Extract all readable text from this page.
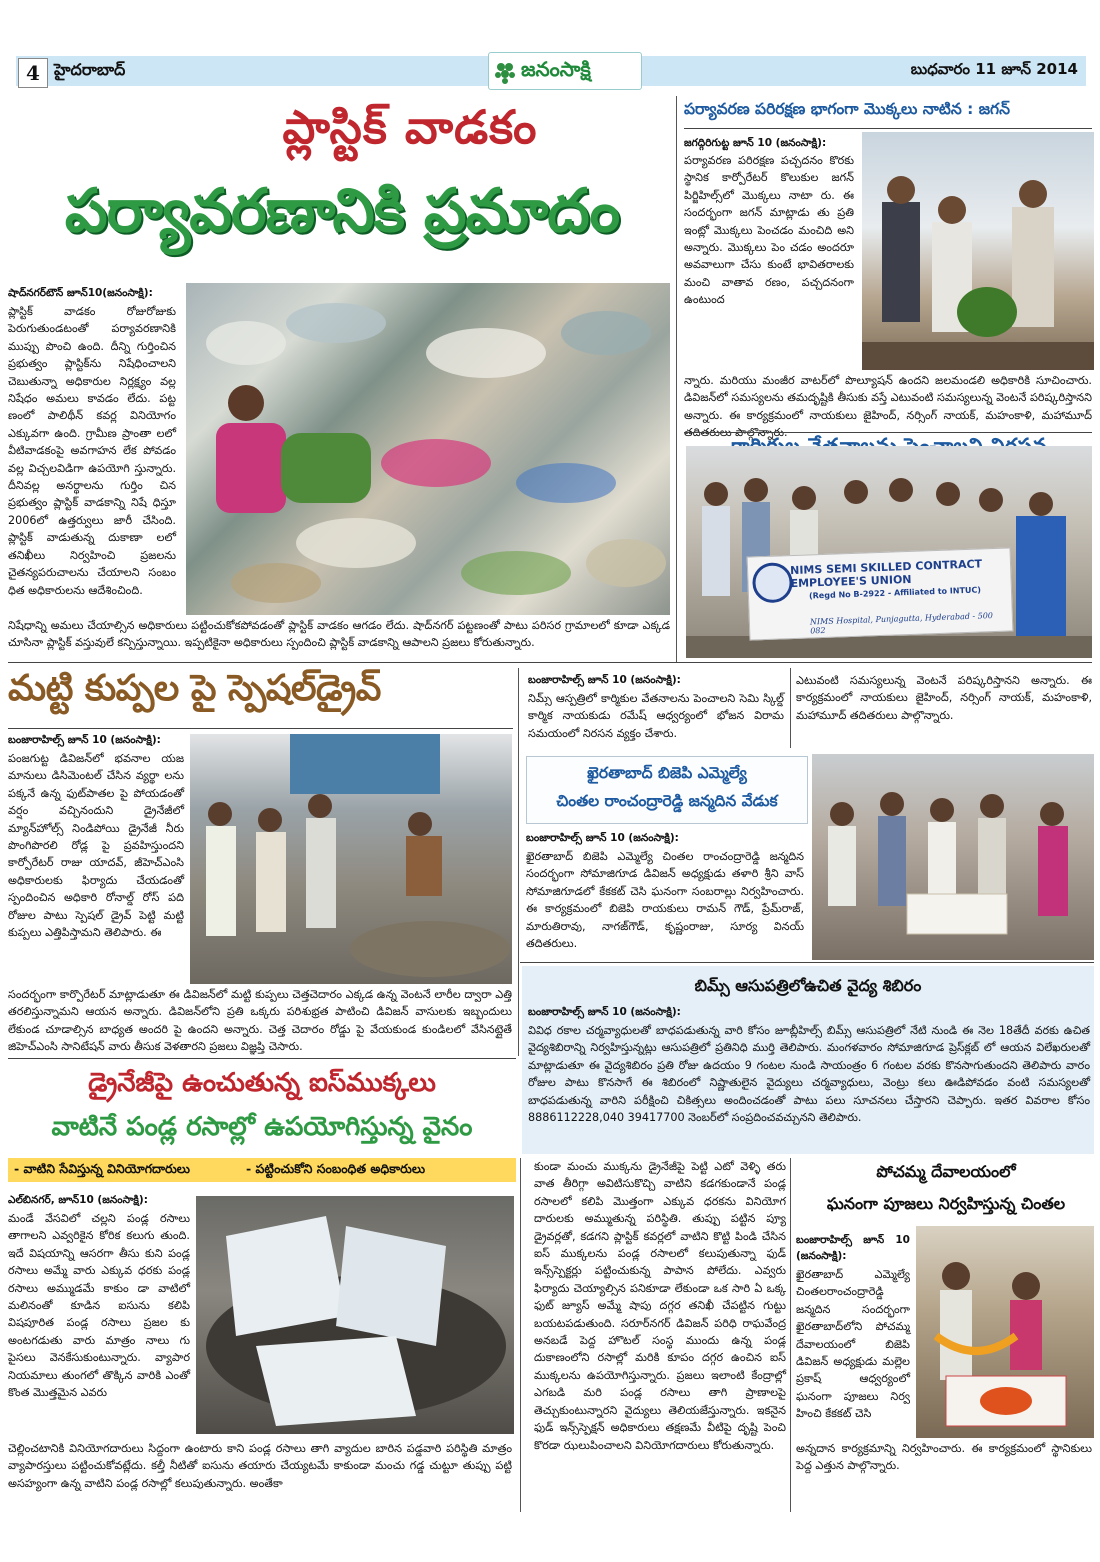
4 హైదరాబాద్	జనంసాక్షి	బుధవారం 11 జూన్ 2014
ప్లాస్టిక్ వాడకం
పర్యావరణానికి ప్రమాదం
షాద్‌నగర్‌టౌన్ జూన్10(జనంసాక్షి):

ప్లాస్టిక్ వాడకం రోజురోజుకు పెరుగుతుండటంతో పర్యావరణానికి ముప్పు పొంచి ఉంది. దీన్ని గుర్తించిన ప్రభుత్వం ప్లాస్టిక్‌ను నిషేధించాలని చెబుతున్నా అధికారుల నిర్లక్ష్యం వల్ల నిషేధం అమలు కావడం లేదు. పట్ట ణంలో పాలిథీన్ కవర్ల వినియోగం ఎక్కువగా ఉంది. గ్రామీణ ప్రాంతా లలో వీటివాడకంపై అవగాహన లేక పోవడం వల్ల విచ్చలవిడిగా ఉపయోగి స్తున్నారు. దీనివల్ల అనర్థాలను గుర్తిం చిన ప్రభుత్వం ప్లాస్టిక్ వాడకాన్ని నిషే ధిస్తూ 2006లో ఉత్తర్వులు జారీ చేసింది. ప్లాస్టిక్ వాడుతున్న దుకాణా లలో తనిఖీలు నిర్వహించి ప్రజలను చైతన్యపరుచాలను చేయాలని సంబం ధిత అధికారులను ఆదేశించింది.

నిషేధాన్ని అమలు చేయాల్సిన అధికారులు పట్టించుకోకపోవడంతో ప్లాస్టిక్ వాడకం ఆగడం లేదు. షాద్‌నగర్ పట్టణంతో పాటు పరిసర గ్రామాలలో కూడా ఎక్కడ చూసినా ప్లాస్టిక్ వస్తువులే కన్పిస్తున్నాయి. ఇప్పటికైనా అధికారులు స్పందించి ప్లాస్టిక్ వాడకాన్ని ఆపాలని ప్రజలు కోరుతున్నారు.

పర్యావరణ పరిరక్షణ భాగంగా మొక్కలు నాటిన : జగన్
జగద్గిరిగుట్ట జూన్ 10 (జనంసాక్షి):

పర్యావరణ పరిరక్షణ పచ్చదనం కొరకు స్థానిక కార్పోరేటర్ కొలుకుల జగన్ పిర్జిహిల్స్‌లో మొక్కలు నాటా రు. ఈ సందర్భంగా జగన్ మాట్లాడు తు ప్రతి ఇంట్లో మొక్కలు పెంచడం మంచిది అని అన్నారు. మొక్కలు పెం చడం అందరూ అవవాలుగా చేసు కుంటే భావితరాలకు మంచి వాతావ రణం, పచ్చదనంగా ఉంటుంద

న్నారు. మరియు మంజీర వాటర్‌లో పొల్యూషన్ ఉందని జలమండలి అధికారికి సూచించారు. డివిజన్‌లో సమస్యలను తమదృష్టికి తీసుకు వస్తే ఎటువంటి సమస్యలున్న వెంటనే పరిష్కరిస్తానని అన్నారు. ఈ కార్యక్రమంలో నాయకులు జైహింద్, నర్సింగ్ నాయక్, మహంకాళి, మహామూద్

NIMS SEMI SKILLED CONTRACT EMPLOYEE'S UNION
(Regd No B-2922 - Affiliated to INTUC)
NIMS Hospital, Punjagutta, Hyderabad - 500 082
మట్టి కుప్పల పై స్పెషల్‌డ్రైవ్
బంజారాహిల్స్ జూన్ 10 (జనంసాక్షి):

పంజగుట్ట డివిజన్‌లో భవనాల యజ మానులు డిసిమెంటల్ చేసిన వ్యర్థా లను పక్కనే ఉన్న ఫుట్‌పాతల పై పోయడంతో వర్షం వచ్చినందుని డ్రైనేజీలో మ్యాన్‌హోల్స్ నిండిపోయి డ్రైనేజీ నీరు పొంగిపొరలి రోడ్ల పై ప్రవహిస్తుందని కార్పోరేటర్ రాజు యాదవ్, జీహెచ్ఎంసి అధికారులకు ఫిర్యాదు చేయడంతో స్పందించిన అధికారి రోనాల్డ్ రోస్ పది రోజుల పాటు స్పెషల్ డ్రైవ్ పెట్టి మట్టి కుప్పలు ఎత్తిపిస్తామని తెలిపారు. ఈ

సందర్భంగా కార్పొరేటర్ మాట్లాడుతూ ఈ డివిజన్‌లో మట్టి కుప్పలు చెత్తచెదారం ఎక్కడ ఉన్న వెంటనే లారీల ద్వారా ఎత్తి తరలిస్తున్నామని ఆయన అన్నారు. డివిజన్‌లోని ప్రతి ఒక్కరు పరిశుభ్రత పాటించి డివిజన్ వాసులకు ఇబ్బందులు లేకుండ చూడాల్సిన బాధ్యత అందరి పై ఉందని అన్నారు. చెత్త చెదారం రోడ్డు పై వేయకుండ కుండిలలో వేసినట్లైతే జిహెచ్ఎంసి సానిటేషన్ వారు తీసుక వెళతారని ప్రజలు విజ్ఞప్తి చెసారు.

బంజారాహిల్స్ జూన్ 10 (జనంసాక్షి):

నిమ్స్ ఆస్పత్రిలో కార్మికుల వేతనాలను పెంచాలని సెమి స్కిల్డ్ కార్మిక నాయకుడు రమేష్ ఆధ్వర్యంలో భోజన విరామ సమయంలో నిరసన వ్యక్తం చేశారు.

ఎటువంటి సమస్యలున్న వెంటనే పరిష్కరిస్తానని అన్నారు. ఈ కార్యక్రమంలో నాయకులు జైహింద్, నర్సింగ్ నాయక్, మహంకాళి, మహామూద్ తదితరులు పాల్గొన్నారు.

ఖైరతాబాద్ బిజెపి ఎమ్మెల్యే
చింతల రాంచంద్రారెడ్డి జన్మదిన వేడుక
బంజారాహిల్స్ జూన్ 10 (జనంసాక్షి):

ఖైరతాబాద్ బిజెపి ఎమ్మెల్యే చింతల రాంచంద్రారెడ్డి జన్మదిన సందర్భంగా సోమాజిగూడ డివిజన్ అధ్యక్షుడు తళారి శ్రీని వాస్ సోమాజిగూడలో కేకకట్ చెసి ఘనంగా సంబరాల్లు నిర్వహించారు. ఈ కార్యక్రమంలో బిజెపి రాయకులు రామన్ గౌడ్, ప్రేమ్‌రాజ్, మారుతిరావు, నాగజ్‌గౌడ్, కృష్ణంరాజు, సూర్య వినయ్ తదితరులు.

బిమ్స్ ఆసుపత్రిలోఉచిత వైద్య శిబిరం
బంజారాహిల్స్ జూన్ 10 (జనంసాక్షి):

వివిధ రకాల చర్మవ్యాధులతో బాధపడుతున్న వారి కోసం జూబ్లీహిల్స్ బిమ్స్ ఆసుపత్రిలో నేటి నుండి ఈ నెల 18తేదీ వరకు ఉచిత వైద్యశిబిరాన్ని నిర్వహిస్తున్నట్లు ఆసుపత్రిలో ప్రతినిధి ముర్తి తెలిపారు. మంగళవారం సోమాజిగూడ ప్రెస్‌క్లబ్ లో ఆయన విలేఖరులతో మాట్లాడుతూ ఈ వైద్యశిబిరం ప్రతి రోజు ఉదయం 9 గంటల నుండి సాయంత్రం 6 గంటల వరకు కొనసాగుతుందని తెలిపారు వారం రోజుల పాటు కొనసాగే ఈ శిబిరంలో నిష్ణాతులైన వైద్యులు చర్మవ్యాధులు, వెంట్రు కలు ఊడిపోవడం వంటి సమస్యలతో బాధపడుతున్న వారిని పరీక్షించి చికిత్సలు అందించడంతో పాటు పలు సూచనలు చేస్తారని చెప్పారు. ఇతర వివరాల కోసం 8886112228,040 39417700 నెంబర్‌లో సంప్రదించవచ్చునని తెలిపారు.

డ్రైనేజీపై ఉంచుతున్న ఐస్‌ముక్కలు
వాటినే పండ్ల రసాల్లో ఉపయోగిస్తున్న వైనం
- వాటిని సేవిస్తున్న వినియోగదారులు	- పట్టించుకోని సంబంధిత అధికారులు
ఎల్‌బినగర్, జూన్10 (జనంసాక్షి):

మండే వేసవిలో చల్లని పండ్ల రసాలు తాగాలని ఎవ్వరికైన కోరిక కలుగు తుంది. ఇదే విషయాన్ని ఆసరగా తీసు కుని పండ్ల రసాలు అమ్మే వారు ఎక్కువ ధరకు పండ్ల రసాలు అమ్ముడమే కాకుం డా వాటిలో మలినంతో కూడిన ఐసును కలిపి విషపూరిత పండ్ల రసాలు ప్రజల కు అంటగడుతు వారు మాత్రం నాలు గు పైసలు వెనకేసుకుంటున్నారు. వ్యాపార నియమాలు తుంగలో తొక్కిన వారికి ఎంతో కొంత మొత్తమైన ఎవరు

చెల్లించటానికి వినియోగదారులు సిద్దంగా ఉంటారు కాని పండ్ల రసాలు తాగి వ్యాదుల బారిన పడ్డవారి పరిస్థితి మాత్రం వ్యాపారస్తులు పట్టించుకోవట్లేదు. కల్తీ నీటితో ఐసును తయారు చేయ్యటమే కాకుండా మంచు గడ్డ చుట్టూ తుప్పు పట్టి అసహ్యంగా ఉన్న వాటిని పండ్ల రసాల్లో కలుపుతున్నారు. అంతేకా

కుండా మంచు ముక్కను డ్రైనేజీపై పెట్టి ఎటో వెళ్ళి తరు వాత తీరిగ్గా అవిటిసుకొచ్చి వాటిని కడగకుండానే పండ్ల రసాలలో కలిపి మొత్తంగా ఎక్కువ ధరకను వినియోగ దారులకు అమ్ముతున్న పరిస్థితి. తుప్పు పట్టిన ప్యూ డ్రైవర్లతో, కడగని ప్లాస్టిక్ కవర్లలో వాటిని కొట్టి పిండి చేసిన ఐస్ ముక్కలను పండ్ల రసాలలో కలుపుతున్నా ఫుడ్ ఇన్స్‌స్పెక్టర్లు పట్టించుకున్న పాపాన పోలేదు. ఎవ్వరు ఫిర్యాదు చెయ్యాల్సిన పనికూడా లేకుండా ఒక సారి ఏ ఒక్క ఫుట్ జ్యూస్ అమ్మే షాపు దగ్గర తనిఖీ చేపట్టిన గుట్టు బయటపడుతుంది. సరూర్‌నగర్ డివిజన్ పరిధి రాఘవేంద్ర అనబడే పెద్ద హొటల్ సంస్థ ముందు ఉన్న పండ్ల దుకాణంలోని రసాల్లో మరికి కూపం దగ్గర ఉంచిన ఐస్ ముక్కలను ఉపయోగిస్తున్నారు. ప్రజలు ఇలాంటి కేంద్రాల్లో ఎగబడి మరి పండ్ల రసాలు తాగి ప్రాణాలపై తెచ్చుకుంటున్నారని వైద్యులు తెలియజేస్తున్నారు. ఇకనైన ఫుడ్ ఇన్స్‌స్పెక్షన్ అధికారులు తక్షణమే వీటిపై దృష్టి పెంచి కొరడా ఝలుపించాలని వినియోగదారులు కోరుతున్నారు.

పోచమ్మ దేవాలయంలో
ఘనంగా పూజలు నిర్వహిస్తున్న చింతల
బంజారాహిల్స్ జూన్ 10 (జనంసాక్షి):

ఖైరతాబాద్ ఎమ్మెల్యే చింతలరాంచంద్రారెడ్డి జన్మదిన సందర్భంగా ఖైరతాబాద్‌లోని పోచమ్మ దేవాలయంలో బిజెపి డివిజన్ అధ్యక్షుడు మల్లెల ప్రకాష్ ఆధ్వర్యంలో ఘనంగా పూజలు నిర్వ హించి కేకకట్ చెసి

అన్నదాన కార్యక్రమాన్ని నిర్వహించారు. ఈ కార్యక్రమంలో స్థానికులు పెద్ద ఎత్తున పాల్గొన్నారు.
